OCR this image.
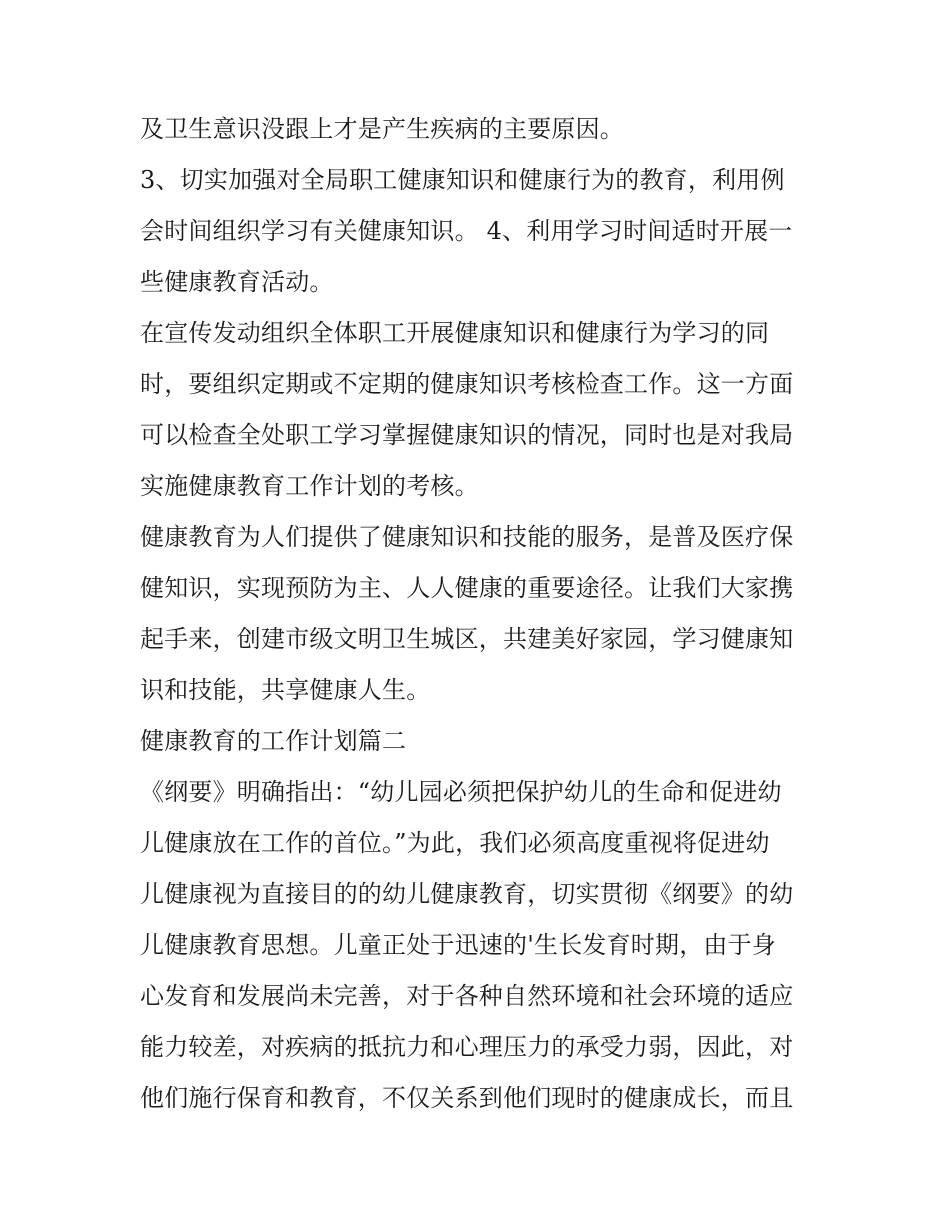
及卫生意识没跟上才是产生疾病的主要原因。

3、切实加强对全局职工健康知识和健康行为的教育，利用例

会时间组织学习有关健康知识。 4、利用学习时间适时开展一

些健康教育活动。

在宣传发动组织全体职工开展健康知识和健康行为学习的同

时，要组织定期或不定期的健康知识考核检查工作。这一方面

可以检查全处职工学习掌握健康知识的情况，同时也是对我局

实施健康教育工作计划的考核。

健康教育为人们提供了健康知识和技能的服务，是普及医疗保

健知识，实现预防为主、人人健康的重要途径。让我们大家携

起手来，创建市级文明卫生城区，共建美好家园，学习健康知

识和技能，共享健康人生。

健康教育的工作计划篇二

《纲要》明确指出：“幼儿园必须把保护幼儿的生命和促进幼

儿健康放在工作的首位。”为此，我们必须高度重视将促进幼

儿健康视为直接目的的幼儿健康教育，切实贯彻《纲要》的幼

儿健康教育思想。儿童正处于迅速的'生长发育时期，由于身

心发育和发展尚未完善，对于各种自然环境和社会环境的适应

能力较差，对疾病的抵抗力和心理压力的承受力弱，因此，对

他们施行保育和教育，不仅关系到他们现时的健康成长，而且
